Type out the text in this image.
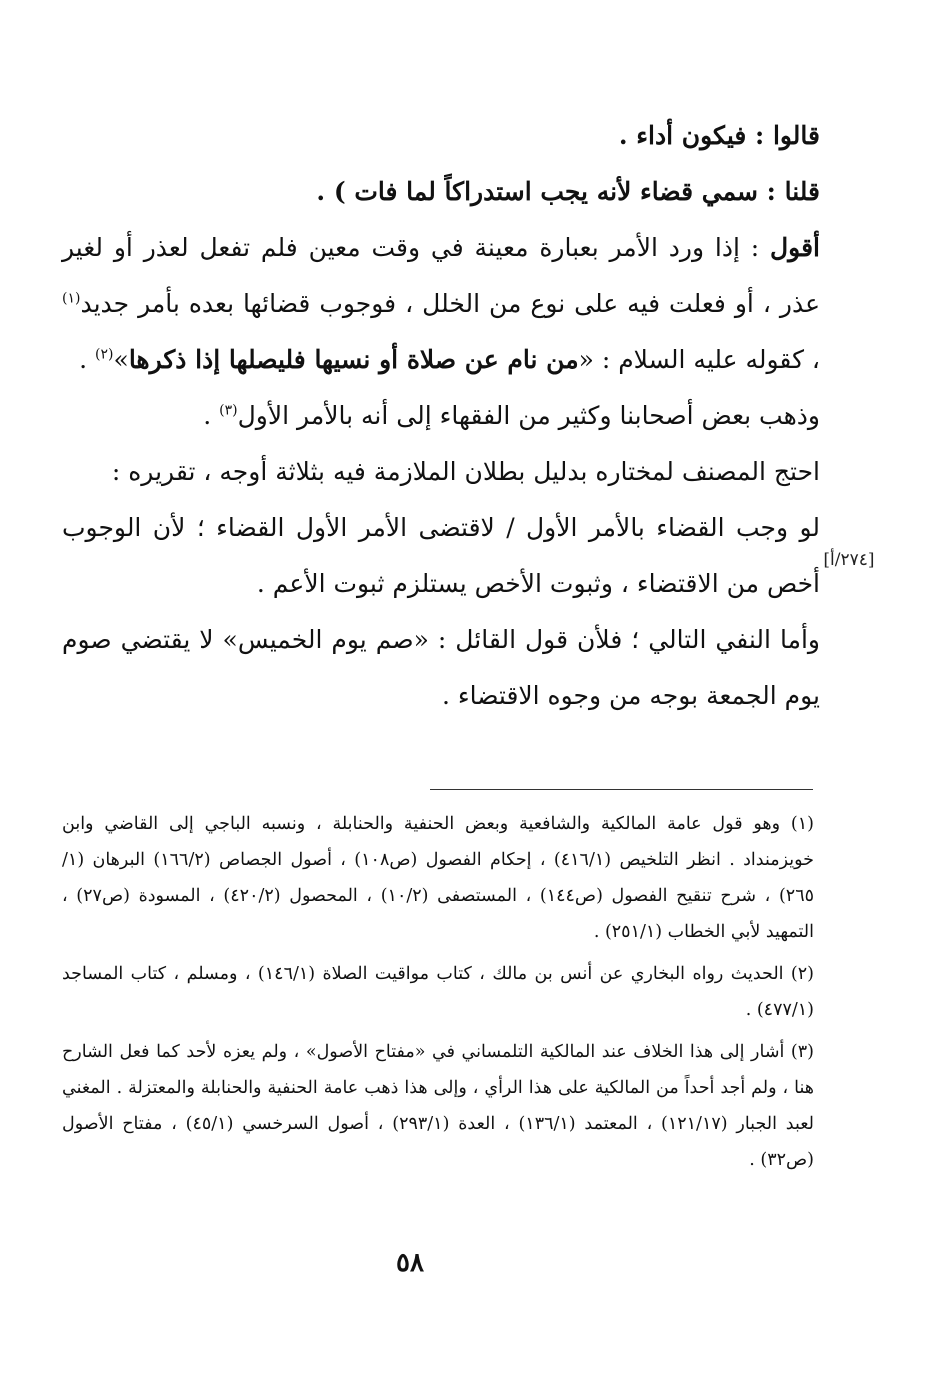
قالوا : فيكون أداء .

قلنا : سمي قضاء لأنه يجب استدراكاً لما فات ) .

أقول : إذا ورد الأمر بعبارة معينة في وقت معين فلم تفعل لعذر أو لغير عذر ، أو فعلت فيه على نوع من الخلل ، فوجوب قضائها بعده بأمر جديد$^{(١)}$ ، كقوله عليه السلام : «من نام عن صلاة أو نسيها فليصلها إذا ذكرها»$^{(٢)}$ .

وذهب بعض أصحابنا وكثير من الفقهاء إلى أنه بالأمر الأول$^{(٣)}$ .

احتج المصنف لمختاره بدليل بطلان الملازمة فيه بثلاثة أوجه ، تقريره :

لو وجب القضاء بالأمر الأول / لاقتضى الأمر الأول القضاء ؛ لأن الوجوب أخص من الاقتضاء ، وثبوت الأخص يستلزم ثبوت الأعم .

وأما النفي التالي ؛ فلأن قول القائل : «صم يوم الخميس» لا يقتضي صوم يوم الجمعة بوجه من وجوه الاقتضاء .

[٢٧٤/أ]

(١) وهو قول عامة المالكية والشافعية وبعض الحنفية والحنابلة ، ونسبه الباجي إلى القاضي وابن خويزمنداد . انظر التلخيص (٤١٦/١) ، إحكام الفصول (ص١٠٨) ، أصول الجصاص (١٦٦/٢) البرهان (١/ ٢٦٥) ، شرح تنقيح الفصول (ص١٤٤) ، المستصفى (١٠/٢) ، المحصول (٤٢٠/٢) ، المسودة (ص٢٧) ، التمهيد لأبي الخطاب (٢٥١/١) .

(٢) الحديث رواه البخاري عن أنس بن مالك ، كتاب مواقيت الصلاة (١٤٦/١) ، ومسلم ، كتاب المساجد (٤٧٧/١) .

(٣) أشار إلى هذا الخلاف عند المالكية التلمساني في «مفتاح الأصول» ، ولم يعزه لأحد كما فعل الشارح هنا ، ولم أجد أحداً من المالكية على هذا الرأي ، وإلى هذا ذهب عامة الحنفية والحنابلة والمعتزلة . المغني لعبد الجبار (١٢١/١٧) ، المعتمد (١٣٦/١) ، العدة (٢٩٣/١) ، أصول السرخسي (٤٥/١) ، مفتاح الأصول (ص٣٢) .

٥٨
